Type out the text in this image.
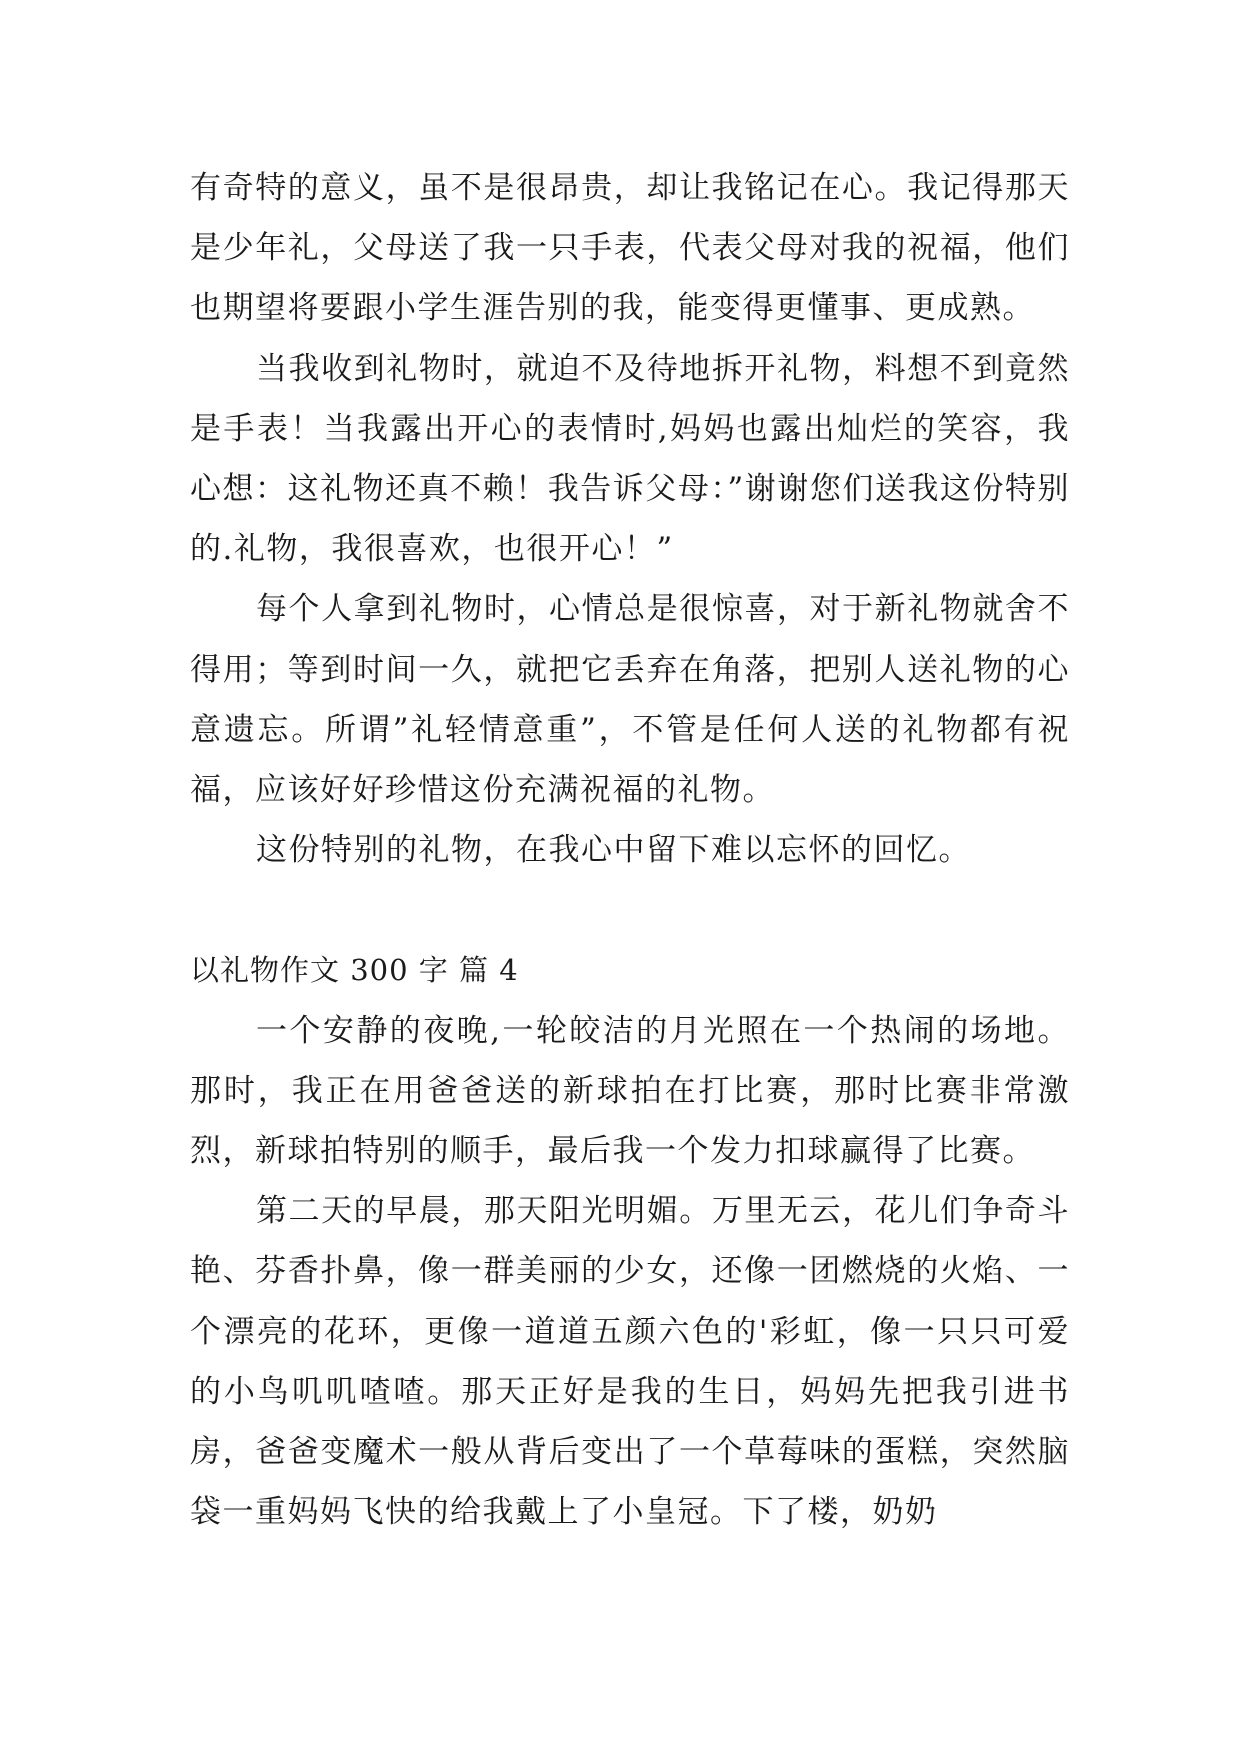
有奇特的意义，虽不是很昂贵，却让我铭记在心。我记得那天是少年礼，父母送了我一只手表，代表父母对我的祝福，他们也期望将要跟小学生涯告别的我，能变得更懂事、更成熟。

当我收到礼物时，就迫不及待地拆开礼物，料想不到竟然是手表！当我露出开心的表情时,妈妈也露出灿烂的笑容，我心想：这礼物还真不赖！我告诉父母：”谢谢您们送我这份特别的.礼物，我很喜欢，也很开心！”

每个人拿到礼物时，心情总是很惊喜，对于新礼物就舍不得用；等到时间一久，就把它丢弃在角落，把别人送礼物的心意遗忘。所谓”礼轻情意重”，不管是任何人送的礼物都有祝福，应该好好珍惜这份充满祝福的礼物。

这份特别的礼物，在我心中留下难以忘怀的回忆。

以礼物作文 300 字 篇 4

一个安静的夜晚,一轮皎洁的月光照在一个热闹的场地。那时，我正在用爸爸送的新球拍在打比赛，那时比赛非常激烈，新球拍特别的顺手，最后我一个发力扣球赢得了比赛。

第二天的早晨，那天阳光明媚。万里无云，花儿们争奇斗艳、芬香扑鼻，像一群美丽的少女，还像一团燃烧的火焰、一个漂亮的花环，更像一道道五颜六色的'彩虹，像一只只可爱的小鸟叽叽喳喳。那天正好是我的生日，妈妈先把我引进书房，爸爸变魔术一般从背后变出了一个草莓味的蛋糕，突然脑袋一重妈妈飞快的给我戴上了小皇冠。下了楼，奶奶
